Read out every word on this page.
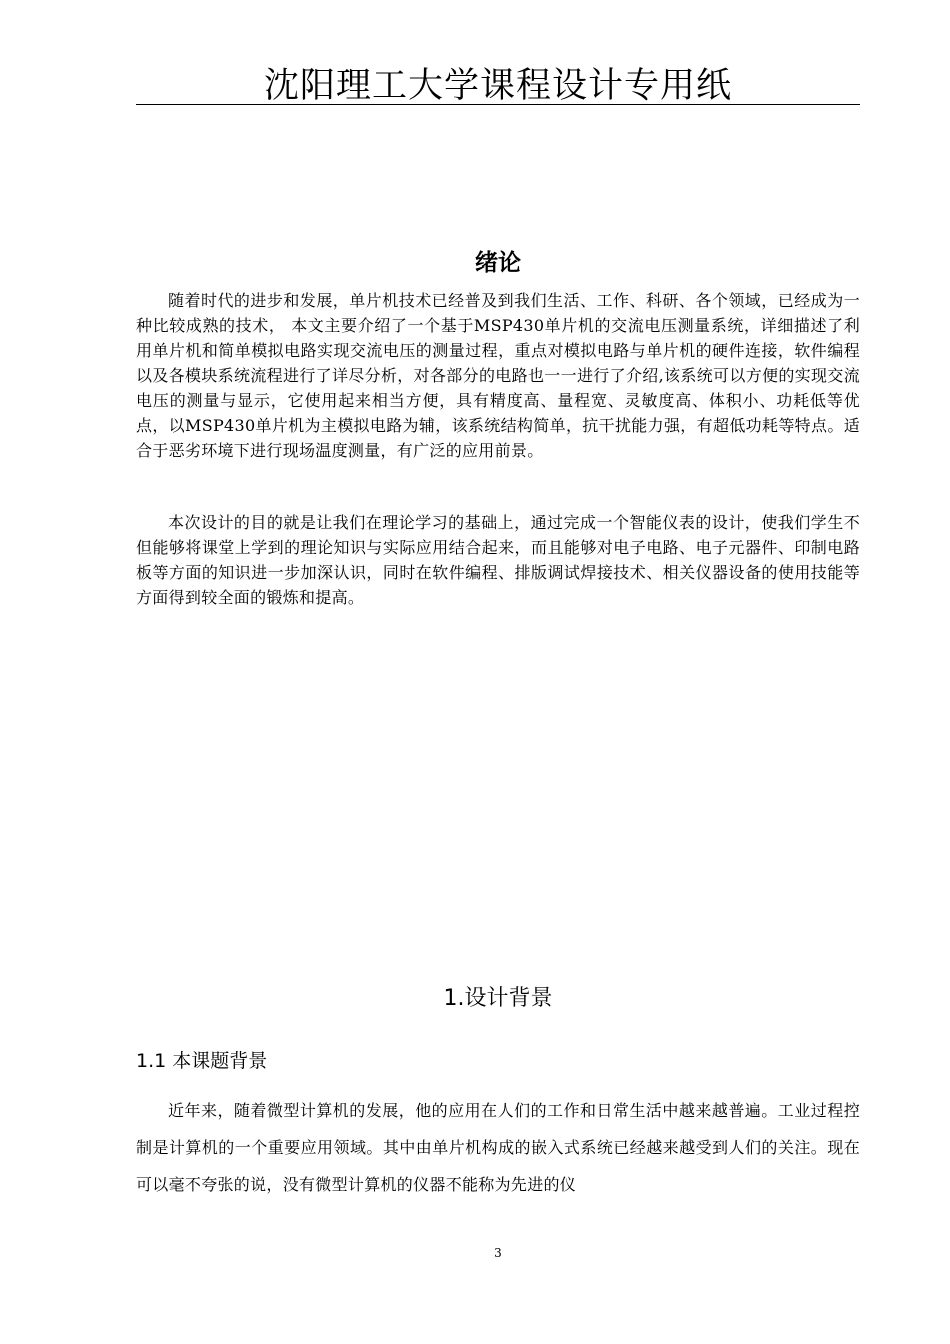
沈阳理工大学课程设计专用纸
绪论

随着时代的进步和发展，单片机技术已经普及到我们生活、工作、科研、各个领域，已经成为一种比较成熟的技术， 本文主要介绍了一个基于MSP430单片机的交流电压测量系统，详细描述了利用单片机和简单模拟电路实现交流电压的测量过程，重点对模拟电路与单片机的硬件连接，软件编程以及各模块系统流程进行了详尽分析，对各部分的电路也一一进行了介绍,该系统可以方便的实现交流电压的测量与显示，它使用起来相当方便，具有精度高、量程宽、灵敏度高、体积小、功耗低等优点，以MSP430单片机为主模拟电路为辅，该系统结构简单，抗干扰能力强，有超低功耗等特点。适合于恶劣环境下进行现场温度测量，有广泛的应用前景。

本次设计的目的就是让我们在理论学习的基础上，通过完成一个智能仪表的设计，使我们学生不但能够将课堂上学到的理论知识与实际应用结合起来，而且能够对电子电路、电子元器件、印制电路板等方面的知识进一步加深认识，同时在软件编程、排版调试焊接技术、相关仪器设备的使用技能等方面得到较全面的锻炼和提高。

1.设计背景
1.1 本课题背景

近年来，随着微型计算机的发展，他的应用在人们的工作和日常生活中越来越普遍。工业过程控制是计算机的一个重要应用领域。其中由单片机构成的嵌入式系统已经越来越受到人们的关注。现在可以毫不夸张的说，没有微型计算机的仪器不能称为先进的仪

3
